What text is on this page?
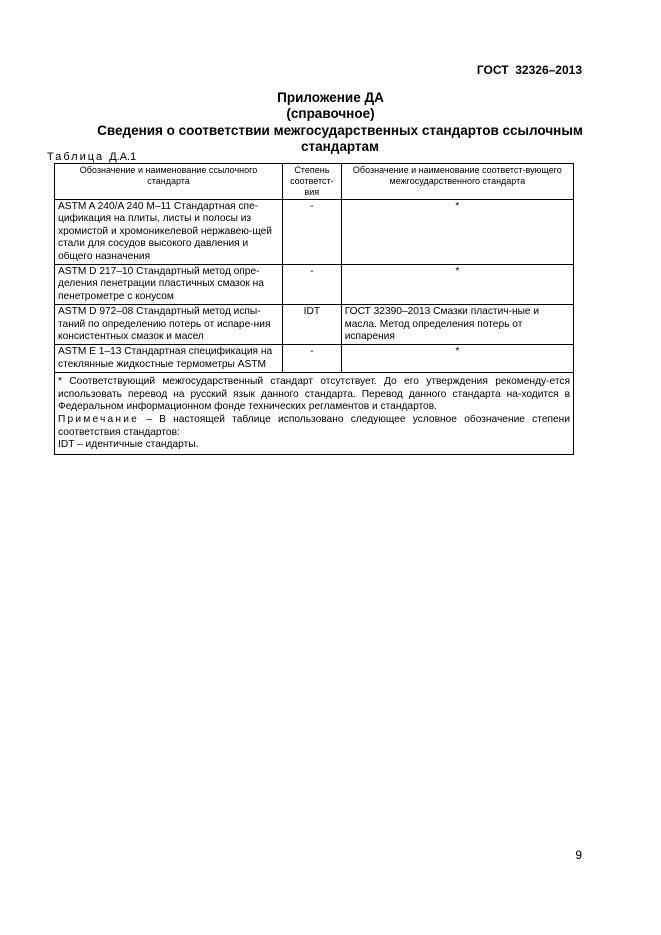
ГОСТ  32326–2013
Приложение ДА
(справочное)
Сведения о соответствии межгосударственных стандартов ссылочным стандартам
Таблица Д.А.1
Обозначение и наименование ссылочного стандарта	Степень соответст-вия	Обозначение и наименование соответст-вующего межгосударственного стандарта
ASTM A 240/A 240 M–11 Стандартная спе-цификация на плиты, листы и полосы из хромистой и хромоникелевой нержавею-щей стали для сосудов высокого давления и общего назначения	-	*
ASTM D 217–10 Стандартный метод опре-деления пенетрации пластичных смазок на пенетрометре с конусом	-	*
ASTM D 972–08 Стандартный метод испы-таний по определению потерь от испаре-ния консистентных смазок и масел	IDT	ГОСТ 32390–2013 Смазки пластич-ные и масла. Метод определения потерь от испарения
ASTM E 1–13 Стандартная спецификация на стеклянные жидкостные термометры ASTM	-	*

* Соответствующий межгосударственный стандарт отсутствует. До его утверждения рекоменду-ется использовать перевод на русский язык данного стандарта. Перевод данного стандарта на-ходится в Федеральном информационном фонде технических регламентов и стандартов.
Примечание – В настоящей таблице использовано следующее условное обозначение степени соответствия стандартов:
IDT – идентичные стандарты.		
9
